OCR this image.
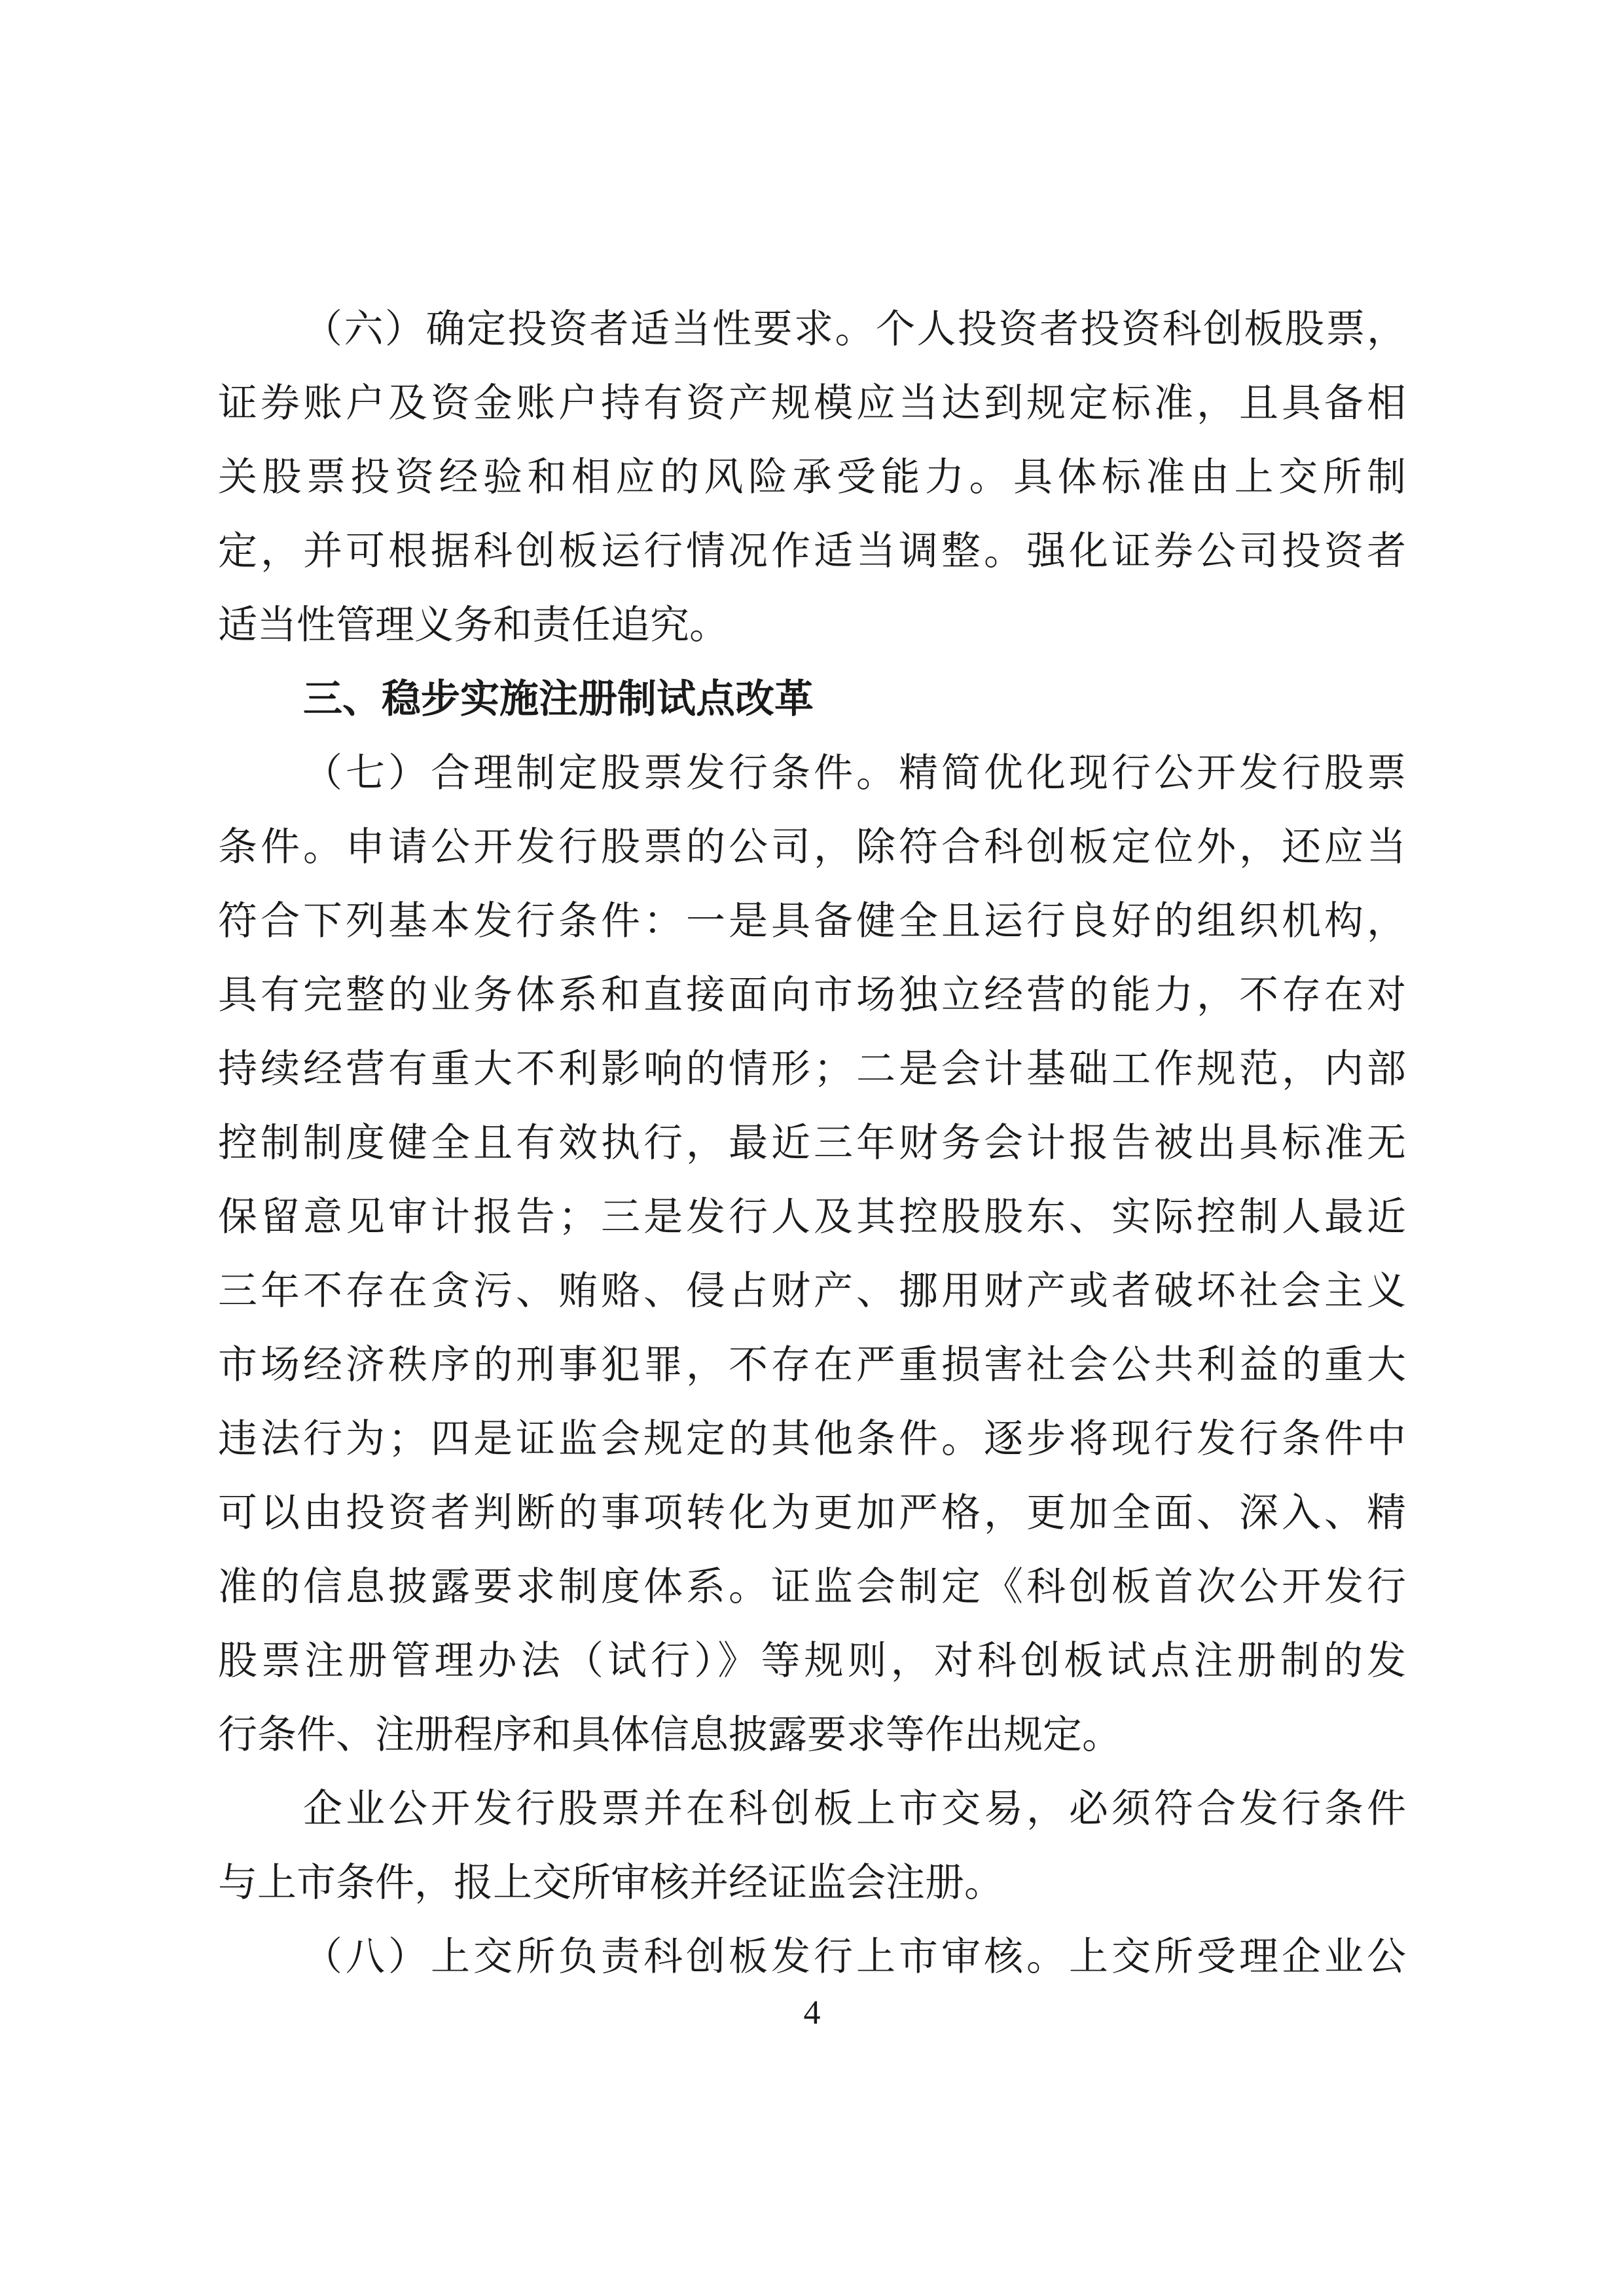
（六）确定投资者适当性要求。个人投资者投资科创板股票，
证券账户及资金账户持有资产规模应当达到规定标准，且具备相
关股票投资经验和相应的风险承受能力。具体标准由上交所制
定，并可根据科创板运行情况作适当调整。强化证券公司投资者
适当性管理义务和责任追究。
三、稳步实施注册制试点改革
（七）合理制定股票发行条件。精简优化现行公开发行股票
条件。申请公开发行股票的公司，除符合科创板定位外，还应当
符合下列基本发行条件：一是具备健全且运行良好的组织机构，
具有完整的业务体系和直接面向市场独立经营的能力，不存在对
持续经营有重大不利影响的情形；二是会计基础工作规范，内部
控制制度健全且有效执行，最近三年财务会计报告被出具标准无
保留意见审计报告；三是发行人及其控股股东、实际控制人最近
三年不存在贪污、贿赂、侵占财产、挪用财产或者破坏社会主义
市场经济秩序的刑事犯罪，不存在严重损害社会公共利益的重大
违法行为；四是证监会规定的其他条件。逐步将现行发行条件中
可以由投资者判断的事项转化为更加严格，更加全面、深入、精
准的信息披露要求制度体系。证监会制定《科创板首次公开发行
股票注册管理办法（试行）》等规则，对科创板试点注册制的发
行条件、注册程序和具体信息披露要求等作出规定。
企业公开发行股票并在科创板上市交易，必须符合发行条件
与上市条件，报上交所审核并经证监会注册。
（八）上交所负责科创板发行上市审核。上交所受理企业公
4
